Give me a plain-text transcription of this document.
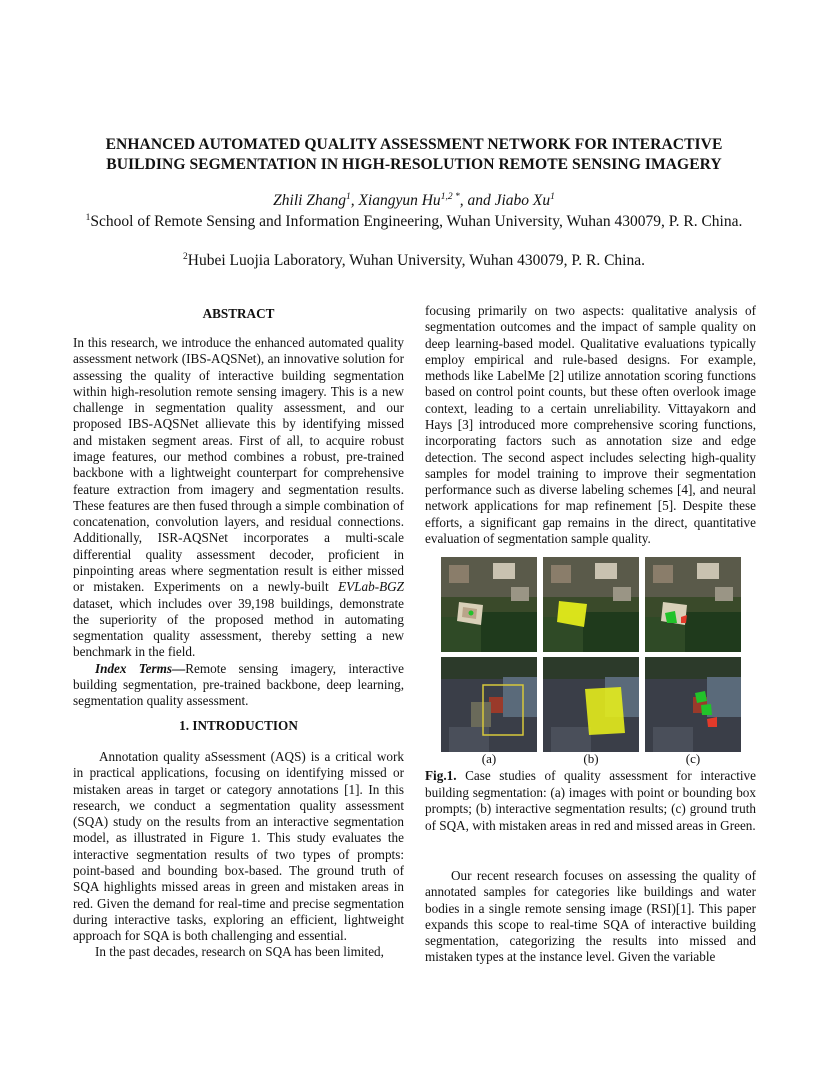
ENHANCED AUTOMATED QUALITY ASSESSMENT NETWORK FOR INTERACTIVE
BUILDING SEGMENTATION IN HIGH-RESOLUTION REMOTE SENSING IMAGERY
Zhili Zhang$^1$, Xiangyun $Hu^{1,2 *}$, and Jiabo Xu$^1$
$^1$School of Remote Sensing and Information Engineering, Wuhan University, Wuhan 430079, P. R. China.
$^2$Hubei Luojia Laboratory, Wuhan University, Wuhan 430079, P. R. China.
ABSTRACT

In this research, we introduce the enhanced automated quality assessment network (IBS-AQSNet), an innovative solution for assessing the quality of interactive building segmentation within high-resolution remote sensing imagery. This is a new challenge in segmentation quality assessment, and our proposed IBS-AQSNet allievate this by identifying missed and mistaken segment areas. First of all, to acquire robust image features, our method combines a robust, pre-trained backbone with a lightweight counterpart for comprehensive feature extraction from imagery and segmentation results. These features are then fused through a simple combination of concatenation, convolution layers, and residual connections. Additionally, ISR-AQSNet incorporates a multi-scale differential quality assessment decoder, proficient in pinpointing areas where segmentation result is either missed or mistaken. Experiments on a newly-built EVLab-BGZ dataset, which includes over 39,198 buildings, demonstrate the superiority of the proposed method in automating segmentation quality assessment, thereby setting a new benchmark in the field.

Index Terms—Remote sensing imagery, interactive building segmentation, pre-trained backbone, deep learning, segmentation quality assessment.

1. INTRODUCTION

Annotation quality aSsessment (AQS) is a critical work in practical applications, focusing on identifying missed or mistaken areas in target or category annotations [1]. In this research, we conduct a segmentation quality assessment (SQA) study on the results from an interactive segmentation model, as illustrated in Figure 1. This study evaluates the interactive segmentation results of two types of prompts: point-based and bounding box-based. The ground truth of SQA highlights missed areas in green and mistaken areas in red. Given the demand for real-time and precise segmentation during interactive tasks, exploring an efficient, lightweight approach for SQA is both challenging and essential.

In the past decades, research on SQA has been limited,

focusing primarily on two aspects: qualitative analysis of segmentation outcomes and the impact of sample quality on deep learning-based model. Qualitative evaluations typically employ empirical and rule-based designs. For example, methods like LabelMe [2] utilize annotation scoring functions based on control point counts, but these often overlook image context, leading to a certain unreliability. Vittayakorn and Hays [3] introduced more comprehensive scoring functions, incorporating factors such as annotation size and edge detection. The second aspect includes selecting high-quality samples for model training to improve their segmentation performance such as diverse labeling schemes [4], and neural network applications for map refinement [5]. Despite these efforts, a significant gap remains in the direct, quantitative evaluation of segmentation sample quality.

(a)	(b)	(c)
Fig.1. Case studies of quality assessment for interactive building segmentation: (a) images with point or bounding box prompts; (b) interactive segmentation results; (c) ground truth of SQA, with mistaken areas in red and missed areas in Green.

Our recent research focuses on assessing the quality of annotated samples for categories like buildings and water bodies in a single remote sensing image (RSI)[1]. This paper expands this scope to real-time SQA of interactive building segmentation, categorizing the results into missed and mistaken types at the instance level. Given the variable
